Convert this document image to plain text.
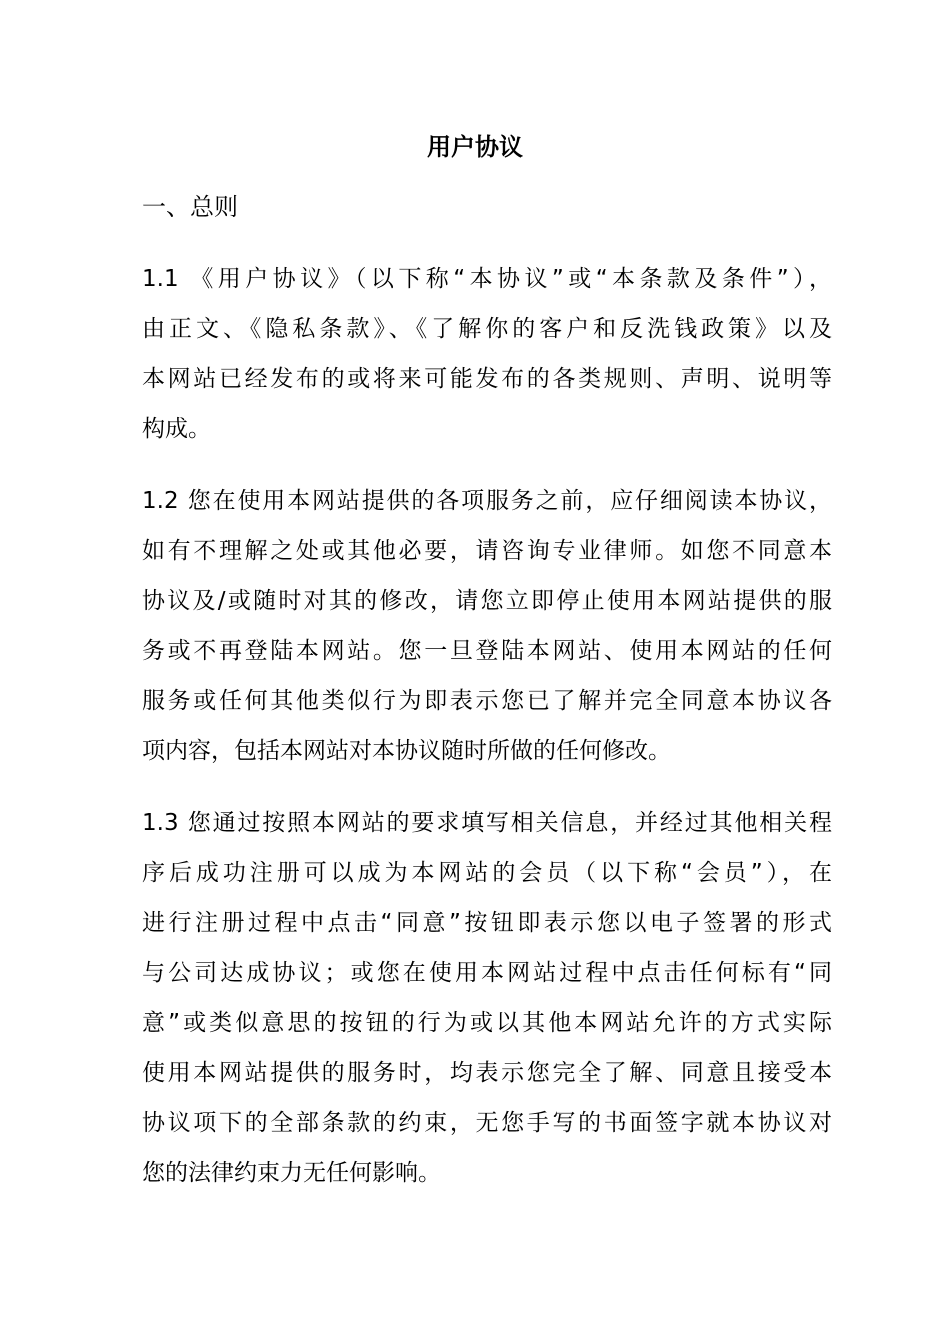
用户协议
一、总则
1.1 《用户协议》（以下称“本协议”或“本条款及条件”），
由正文、《隐私条款》、《了解你的客户和反洗钱政策》以及
本网站已经发布的或将来可能发布的各类规则、声明、说明等
构成。
1.2 您在使用本网站提供的各项服务之前，应仔细阅读本协议，
如有不理解之处或其他必要，请咨询专业律师。如您不同意本
协议及/或随时对其的修改，请您立即停止使用本网站提供的服
务或不再登陆本网站。您一旦登陆本网站、使用本网站的任何
服务或任何其他类似行为即表示您已了解并完全同意本协议各
项内容，包括本网站对本协议随时所做的任何修改。
1.3 您通过按照本网站的要求填写相关信息，并经过其他相关程
序后成功注册可以成为本网站的会员（以下称“会员”），在
进行注册过程中点击“同意”按钮即表示您以电子签署的形式
与公司达成协议；或您在使用本网站过程中点击任何标有“同
意”或类似意思的按钮的行为或以其他本网站允许的方式实际
使用本网站提供的服务时，均表示您完全了解、同意且接受本
协议项下的全部条款的约束，无您手写的书面签字就本协议对
您的法律约束力无任何影响。
